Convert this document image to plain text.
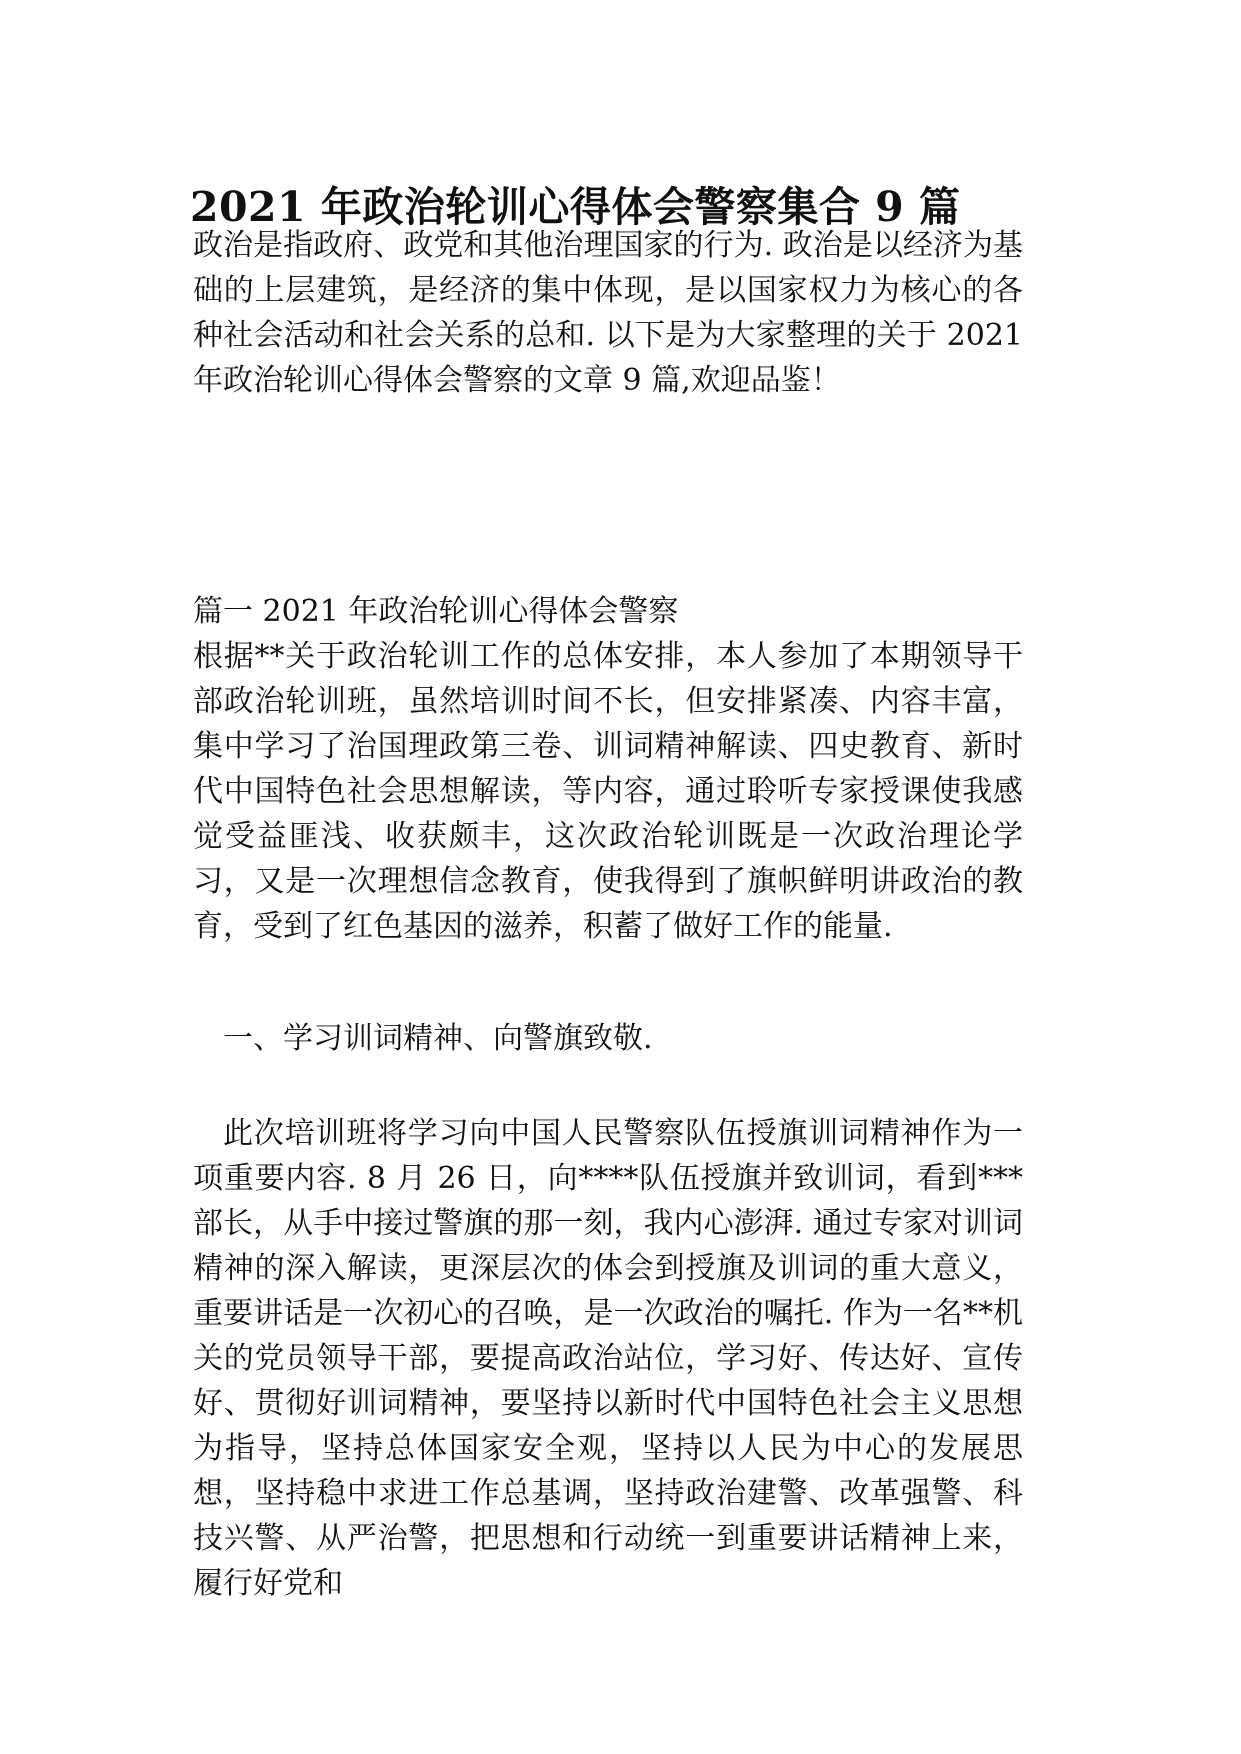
2021 年政治轮训心得体会警察集合 9 篇

政治是指政府、政党和其他治理国家的行为. 政治是以经济为基础的上层建筑，是经济的集中体现，是以国家权力为核心的各种社会活动和社会关系的总和. 以下是为大家整理的关于 2021 年政治轮训心得体会警察的文章 9 篇,欢迎品鉴！

篇一 2021 年政治轮训心得体会警察

根据**关于政治轮训工作的总体安排，本人参加了本期领导干部政治轮训班，虽然培训时间不长，但安排紧凑、内容丰富，集中学习了治国理政第三卷、训词精神解读、四史教育、新时代中国特色社会思想解读，等内容，通过聆听专家授课使我感觉受益匪浅、收获颇丰，这次政治轮训既是一次政治理论学习，又是一次理想信念教育，使我得到了旗帜鲜明讲政治的教育，受到了红色基因的滋养，积蓄了做好工作的能量.

一、学习训词精神、向警旗致敬.

此次培训班将学习向中国人民警察队伍授旗训词精神作为一项重要内容. 8 月 26 日，向****队伍授旗并致训词，看到***部长，从手中接过警旗的那一刻，我内心澎湃. 通过专家对训词精神的深入解读，更深层次的体会到授旗及训词的重大意义，重要讲话是一次初心的召唤，是一次政治的嘱托. 作为一名**机关的党员领导干部，要提高政治站位，学习好、传达好、宣传好、贯彻好训词精神，要坚持以新时代中国特色社会主义思想为指导，坚持总体国家安全观，坚持以人民为中心的发展思想，坚持稳中求进工作总基调，坚持政治建警、改革强警、科技兴警、从严治警，把思想和行动统一到重要讲话精神上来，履行好党和
